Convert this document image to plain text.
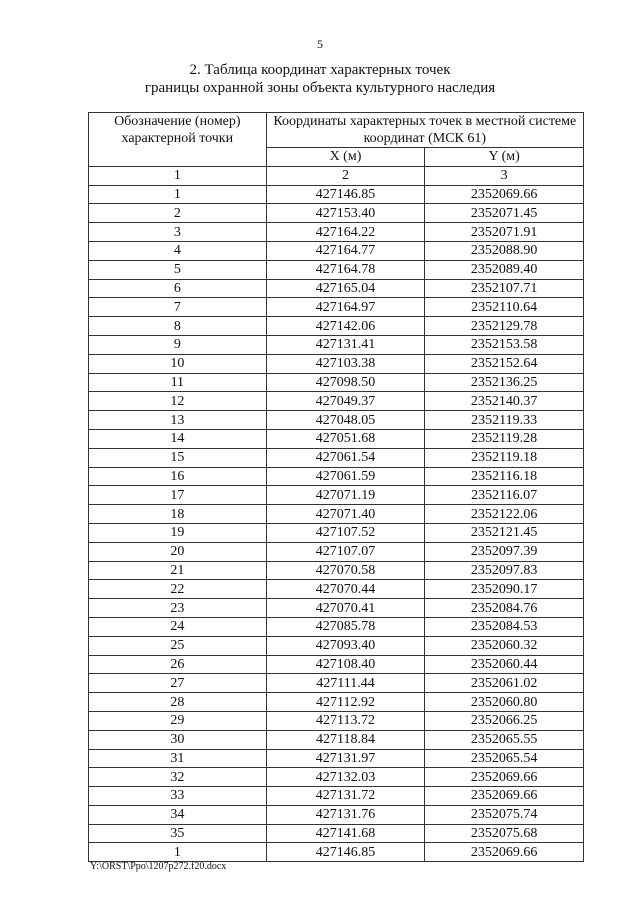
5
2. Таблица координат характерных точек
границы охранной зоны объекта культурного наследия
Обозначение (номер) характерной точки	Координаты характерных точек в местной системе координат (МСК 61)	
	X (м)	Y (м)
1	2	3
1	427146.85	2352069.66
2	427153.40	2352071.45
3	427164.22	2352071.91
4	427164.77	2352088.90
5	427164.78	2352089.40
6	427165.04	2352107.71
7	427164.97	2352110.64
8	427142.06	2352129.78
9	427131.41	2352153.58
10	427103.38	2352152.64
11	427098.50	2352136.25
12	427049.37	2352140.37
13	427048.05	2352119.33
14	427051.68	2352119.28
15	427061.54	2352119.18
16	427061.59	2352116.18
17	427071.19	2352116.07
18	427071.40	2352122.06
19	427107.52	2352121.45
20	427107.07	2352097.39
21	427070.58	2352097.83
22	427070.44	2352090.17
23	427070.41	2352084.76
24	427085.78	2352084.53
25	427093.40	2352060.32
26	427108.40	2352060.44
27	427111.44	2352061.02
28	427112.92	2352060.80
29	427113.72	2352066.25
30	427118.84	2352065.55
31	427131.97	2352065.54
32	427132.03	2352069.66
33	427131.72	2352069.66
34	427131.76	2352075.74
35	427141.68	2352075.68
1	427146.85	2352069.66
Y:\ORST\Ppo\1207p272.f20.docx
